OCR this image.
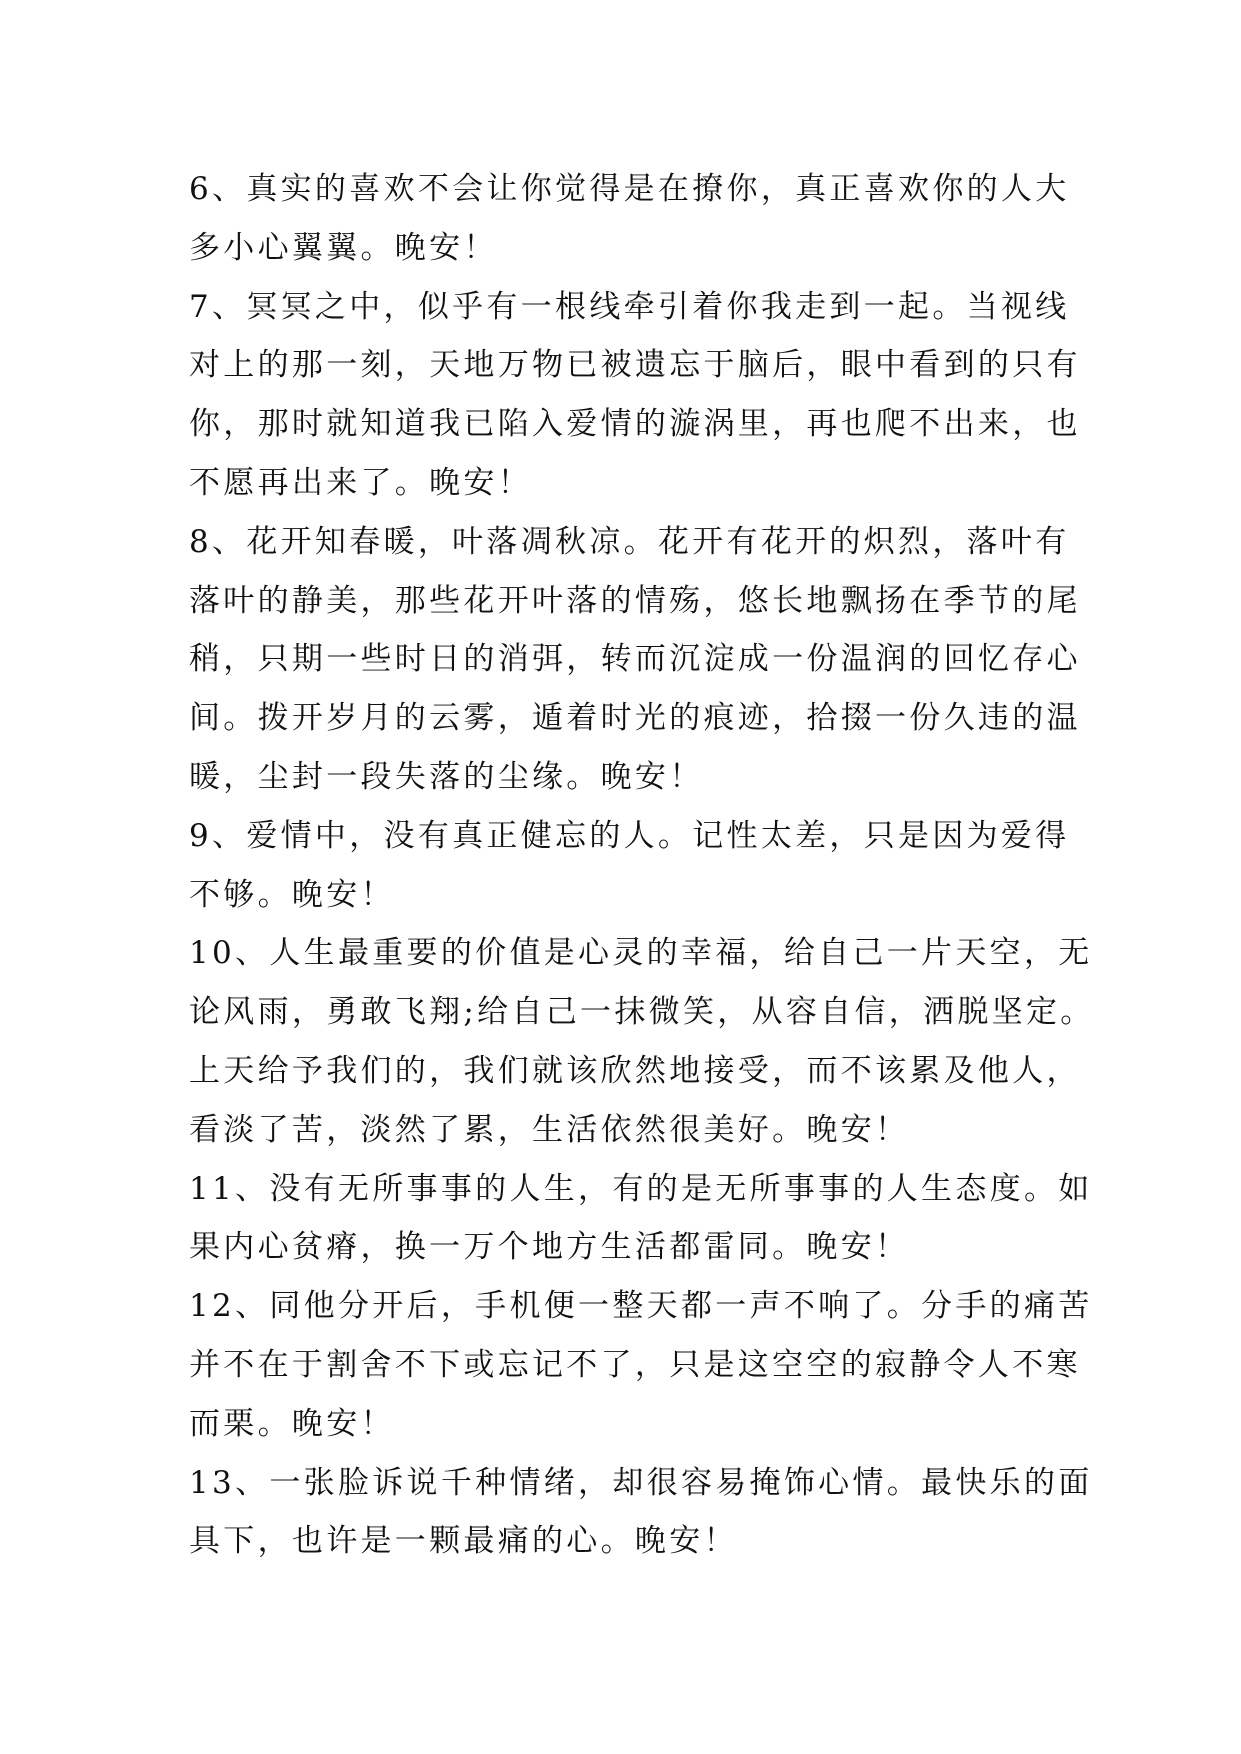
6、真实的喜欢不会让你觉得是在撩你，真正喜欢你的人大
多小心翼翼。晚安！
7、冥冥之中，似乎有一根线牵引着你我走到一起。当视线
对上的那一刻，天地万物已被遗忘于脑后，眼中看到的只有
你，那时就知道我已陷入爱情的漩涡里，再也爬不出来，也
不愿再出来了。晚安！
8、花开知春暖，叶落凋秋凉。花开有花开的炽烈，落叶有
落叶的静美，那些花开叶落的情殇，悠长地飘扬在季节的尾
稍，只期一些时日的消弭，转而沉淀成一份温润的回忆存心
间。拨开岁月的云雾，遁着时光的痕迹，拾掇一份久违的温
暖，尘封一段失落的尘缘。晚安！
9、爱情中，没有真正健忘的人。记性太差，只是因为爱得
不够。晚安！
10、人生最重要的价值是心灵的幸福，给自己一片天空，无
论风雨，勇敢飞翔;给自己一抹微笑，从容自信，洒脱坚定。
上天给予我们的，我们就该欣然地接受，而不该累及他人，
看淡了苦，淡然了累，生活依然很美好。晚安！
11、没有无所事事的人生，有的是无所事事的人生态度。如
果内心贫瘠，换一万个地方生活都雷同。晚安！
12、同他分开后，手机便一整天都一声不响了。分手的痛苦
并不在于割舍不下或忘记不了，只是这空空的寂静令人不寒
而栗。晚安！
13、一张脸诉说千种情绪，却很容易掩饰心情。最快乐的面
具下，也许是一颗最痛的心。晚安！
